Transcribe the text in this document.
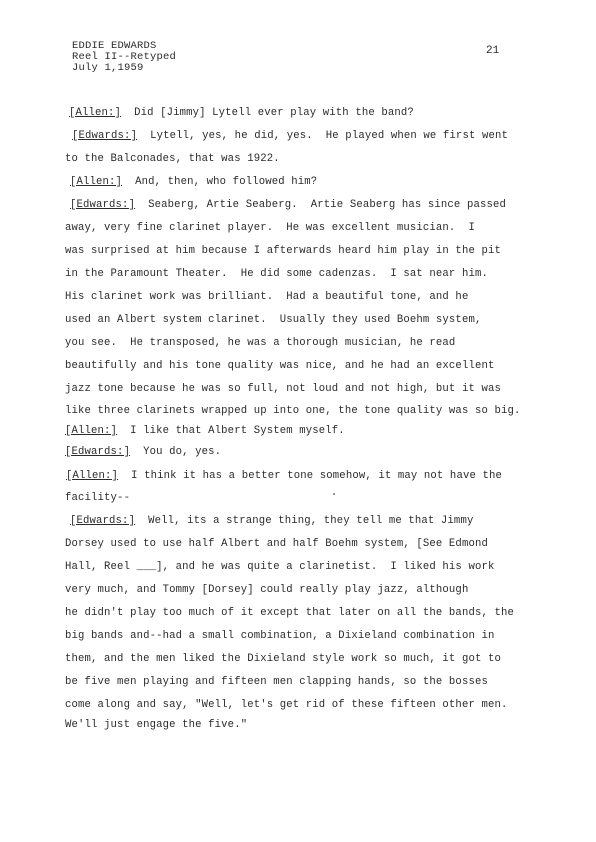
EDDIE EDWARDS
Reel II--Retyped
July 1,1959
21
[Allen:]  Did [Jimmy] Lytell ever play with the band?
[Edwards:]  Lytell, yes, he did, yes.  He played when we first went
to the Balconades, that was 1922.
[Allen:]  And, then, who followed him?
[Edwards:]  Seaberg, Artie Seaberg.  Artie Seaberg has since passed
away, very fine clarinet player.  He was excellent musician.  I
was surprised at him because I afterwards heard him play in the pit
in the Paramount Theater.  He did some cadenzas.  I sat near him.
His clarinet work was brilliant.  Had a beautiful tone, and he
used an Albert system clarinet.  Usually they used Boehm system,
you see.  He transposed, he was a thorough musician, he read
beautifully and his tone quality was nice, and he had an excellent
jazz tone because he was so full, not loud and not high, but it was
like three clarinets wrapped up into one, the tone quality was so big.
[Allen:]  I like that Albert System myself.
[Edwards:]  You do, yes.
[Allen:]  I think it has a better tone somehow, it may not have the
facility--
[Edwards:]  Well, its a strange thing, they tell me that Jimmy
Dorsey used to use half Albert and half Boehm system, [See Edmond
Hall, Reel ___], and he was quite a clarinetist.  I liked his work
very much, and Tommy [Dorsey] could really play jazz, although
he didn't play too much of it except that later on all the bands, the
big bands and--had a small combination, a Dixieland combination in
them, and the men liked the Dixieland style work so much, it got to
be five men playing and fifteen men clapping hands, so the bosses
come along and say, "Well, let's get rid of these fifteen other men.
We'll just engage the five."
